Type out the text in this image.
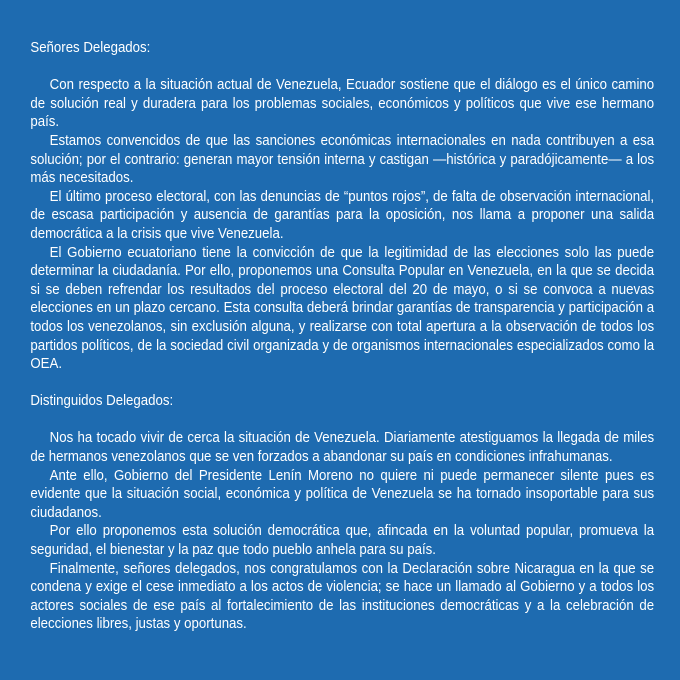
Señores Delegados:

Con respecto a la situación actual de Venezuela, Ecuador sostiene que el diálogo es el único camino de solución real y duradera para los problemas sociales, económicos y políticos que vive ese hermano país.

Estamos convencidos de que las sanciones económicas internacionales en nada contribuyen a esa solución; por el contrario: generan mayor tensión interna y castigan —histórica y paradójicamente— a los más necesitados.

El último proceso electoral, con las denuncias de “puntos rojos”, de falta de observación internacional, de escasa participación y ausencia de garantías para la oposición, nos llama a proponer una salida democrática a la crisis que vive Venezuela.

El Gobierno ecuatoriano tiene la convicción de que la legitimidad de las elecciones solo las puede determinar la ciudadanía. Por ello, proponemos una Consulta Popular en Venezuela, en la que se decida si se deben refrendar los resultados del proceso electoral del 20 de mayo, o si se convoca a nuevas elecciones en un plazo cercano. Esta consulta deberá brindar garantías de transparencia y participación a todos los venezolanos, sin exclusión alguna, y realizarse con total apertura a la observación de todos los partidos políticos, de la sociedad civil organizada y de organismos internacionales especializados como la OEA.

Distinguidos Delegados:

Nos ha tocado vivir de cerca la situación de Venezuela. Diariamente atestiguamos la llegada de miles de hermanos venezolanos que se ven forzados a abandonar su país en condiciones infrahumanas.

Ante ello, Gobierno del Presidente Lenín Moreno no quiere ni puede permanecer silente pues es evidente que la situación social, económica y política de Venezuela se ha tornado insoportable para sus ciudadanos.

Por ello proponemos esta solución democrática que, afincada en la voluntad popular, promueva la seguridad, el bienestar y la paz que todo pueblo anhela para su país.

Finalmente, señores delegados, nos congratulamos con la Declaración sobre Nicaragua en la que se condena y exige el cese inmediato a los actos de violencia; se hace un llamado al Gobierno y a todos los actores sociales de ese país al fortalecimiento de las instituciones democráticas y a la celebración de elecciones libres, justas y oportunas.
